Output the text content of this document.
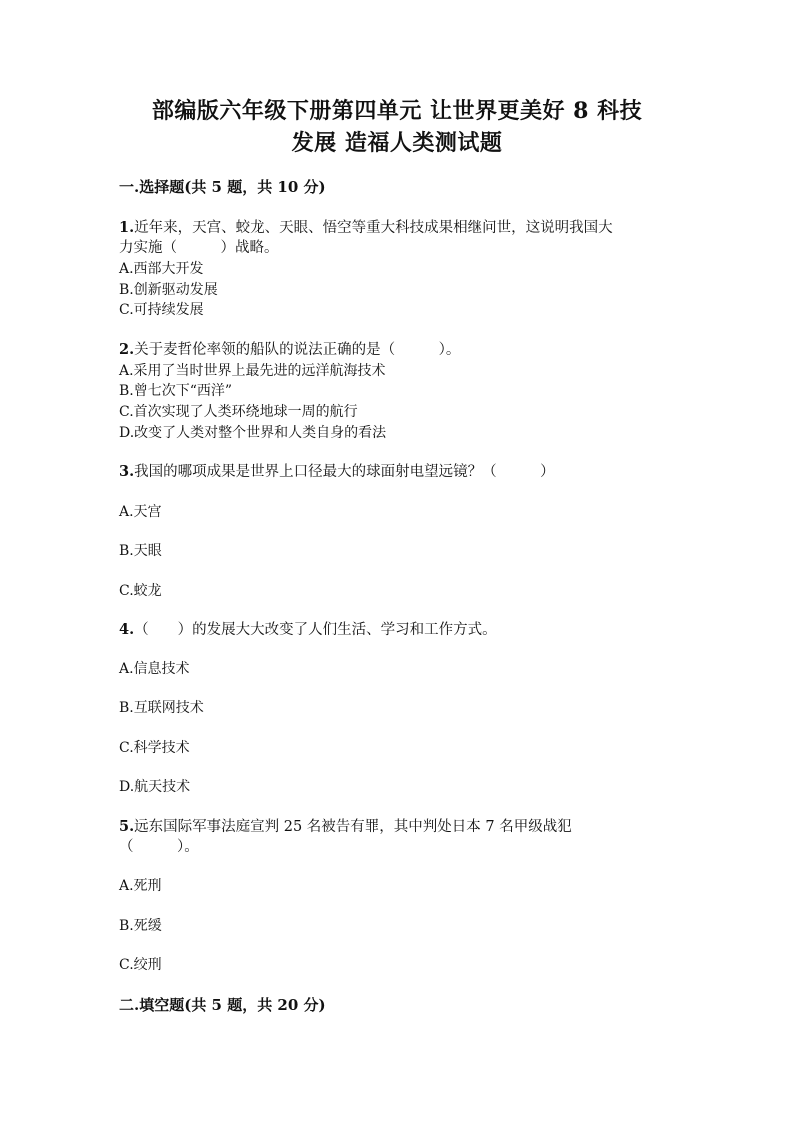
部编版六年级下册第四单元 让世界更美好 8 科技
发展 造福人类测试题
一.选择题(共 5 题，共 10 分)
1.近年来，天宫、蛟龙、天眼、悟空等重大科技成果相继问世，这说明我国大
力实施（　　　）战略。
A.西部大开发
B.创新驱动发展
C.可持续发展
2.关于麦哲伦率领的船队的说法正确的是（　　　）。
A.采用了当时世界上最先进的远洋航海技术
B.曾七次下“西洋”
C.首次实现了人类环绕地球一周的航行
D.改变了人类对整个世界和人类自身的看法
3.我国的哪项成果是世界上口径最大的球面射电望远镜？（　　　）
A.天宫
B.天眼
C.蛟龙
4.（　　）的发展大大改变了人们生活、学习和工作方式。
A.信息技术
B.互联网技术
C.科学技术
D.航天技术
5.远东国际军事法庭宣判 25 名被告有罪，其中判处日本 7 名甲级战犯
（　　　）。
A.死刑
B.死缓
C.绞刑
二.填空题(共 5 题，共 20 分)
